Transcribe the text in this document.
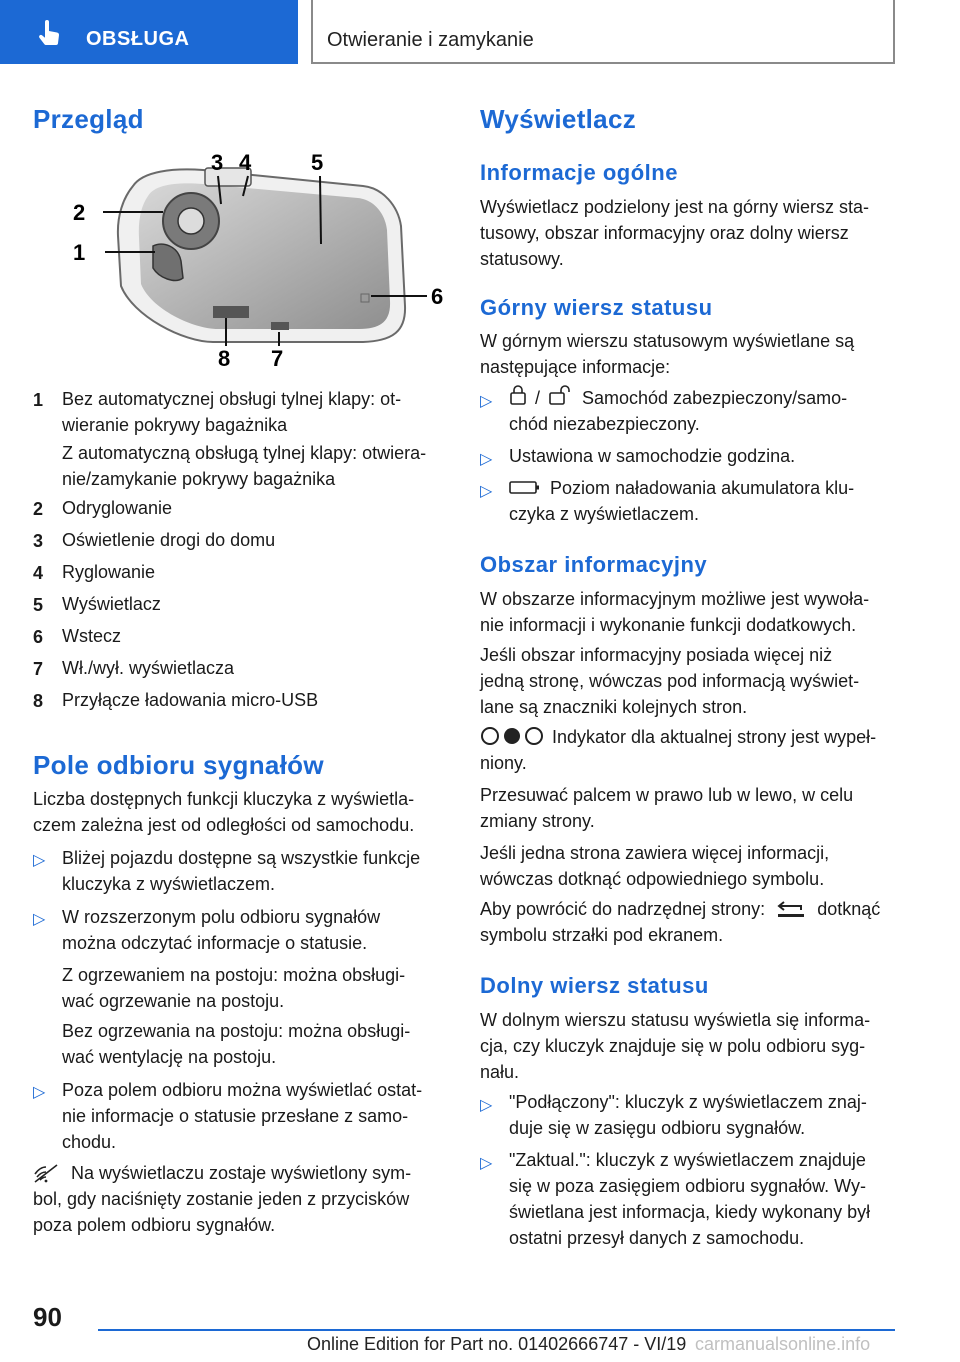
OBSŁUGA	Otwieranie i zamykanie
Przegląd
3 4	5
2
1
6
8 7
1 Bez automatycznej obsługi tylnej klapy: ot-
wieranie pokrywy bagażnika
Z automatyczną obsługą tylnej klapy: otwiera-
nie/zamykanie pokrywy bagażnika
2 Odryglowanie
3 Oświetlenie drogi do domu
4 Ryglowanie
5 Wyświetlacz
6 Wstecz
7 Wł./wył. wyświetlacza
8 Przyłącze ładowania micro-USB
Pole odbioru sygnałów
Liczba dostępnych funkcji kluczyka z wyświetla-
czem zależna jest od odległości od samochodu.
▷ Bliżej pojazdu dostępne są wszystkie funkcje
kluczyka z wyświetlaczem.
▷ W rozszerzonym polu odbioru sygnałów
można odczytać informacje o statusie.
Z ogrzewaniem na postoju: można obsługi-
wać ogrzewanie na postoju.
Bez ogrzewania na postoju: można obsługi-
wać wentylację na postoju.
▷ Poza polem odbioru można wyświetlać ostat-
nie informacje o statusie przesłane z samo-
chodu.
Na wyświetlaczu zostaje wyświetlony sym-
bol, gdy naciśnięty zostanie jeden z przycisków
poza polem odbioru sygnałów.
Wyświetlacz
Informacje ogólne
Wyświetlacz podzielony jest na górny wiersz sta-
tusowy, obszar informacyjny oraz dolny wiersz
statusowy.
Górny wiersz statusu
W górnym wierszu statusowym wyświetlane są
następujące informacje:
▷ /	Samochód zabezpieczony/samo-
chód niezabezpieczony.
▷ Ustawiona w samochodzie godzina.
▷	Poziom naładowania akumulatora klu-
czyka z wyświetlaczem.
Obszar informacyjny
W obszarze informacyjnym możliwe jest wywoła-
nie informacji i wykonanie funkcji dodatkowych.
Jeśli obszar informacyjny posiada więcej niż
jedną stronę, wówczas pod informacją wyświet-
lane są znaczniki kolejnych stron.
Indykator dla aktualnej strony jest wypeł-
niony.
Przesuwać palcem w prawo lub w lewo, w celu
zmiany strony.
Jeśli jedna strona zawiera więcej informacji,
wówczas dotknąć odpowiedniego symbolu.
Aby powrócić do nadrzędnej strony:	dotknąć
symbolu strzałki pod ekranem.
Dolny wiersz statusu
W dolnym wierszu statusu wyświetla się informa-
cja, czy kluczyk znajduje się w polu odbioru syg-
nału.
▷ "Podłączony": kluczyk z wyświetlaczem znaj-
duje się w zasięgu odbioru sygnałów.
▷ "Zaktual.": kluczyk z wyświetlaczem znajduje
się w poza zasięgiem odbioru sygnałów. Wy-
świetlana jest informacja, kiedy wykonany był
ostatni przesył danych z samochodu.
90
Online Edition for Part no. 01402666747 - VI/19 carmanualsonline.info
